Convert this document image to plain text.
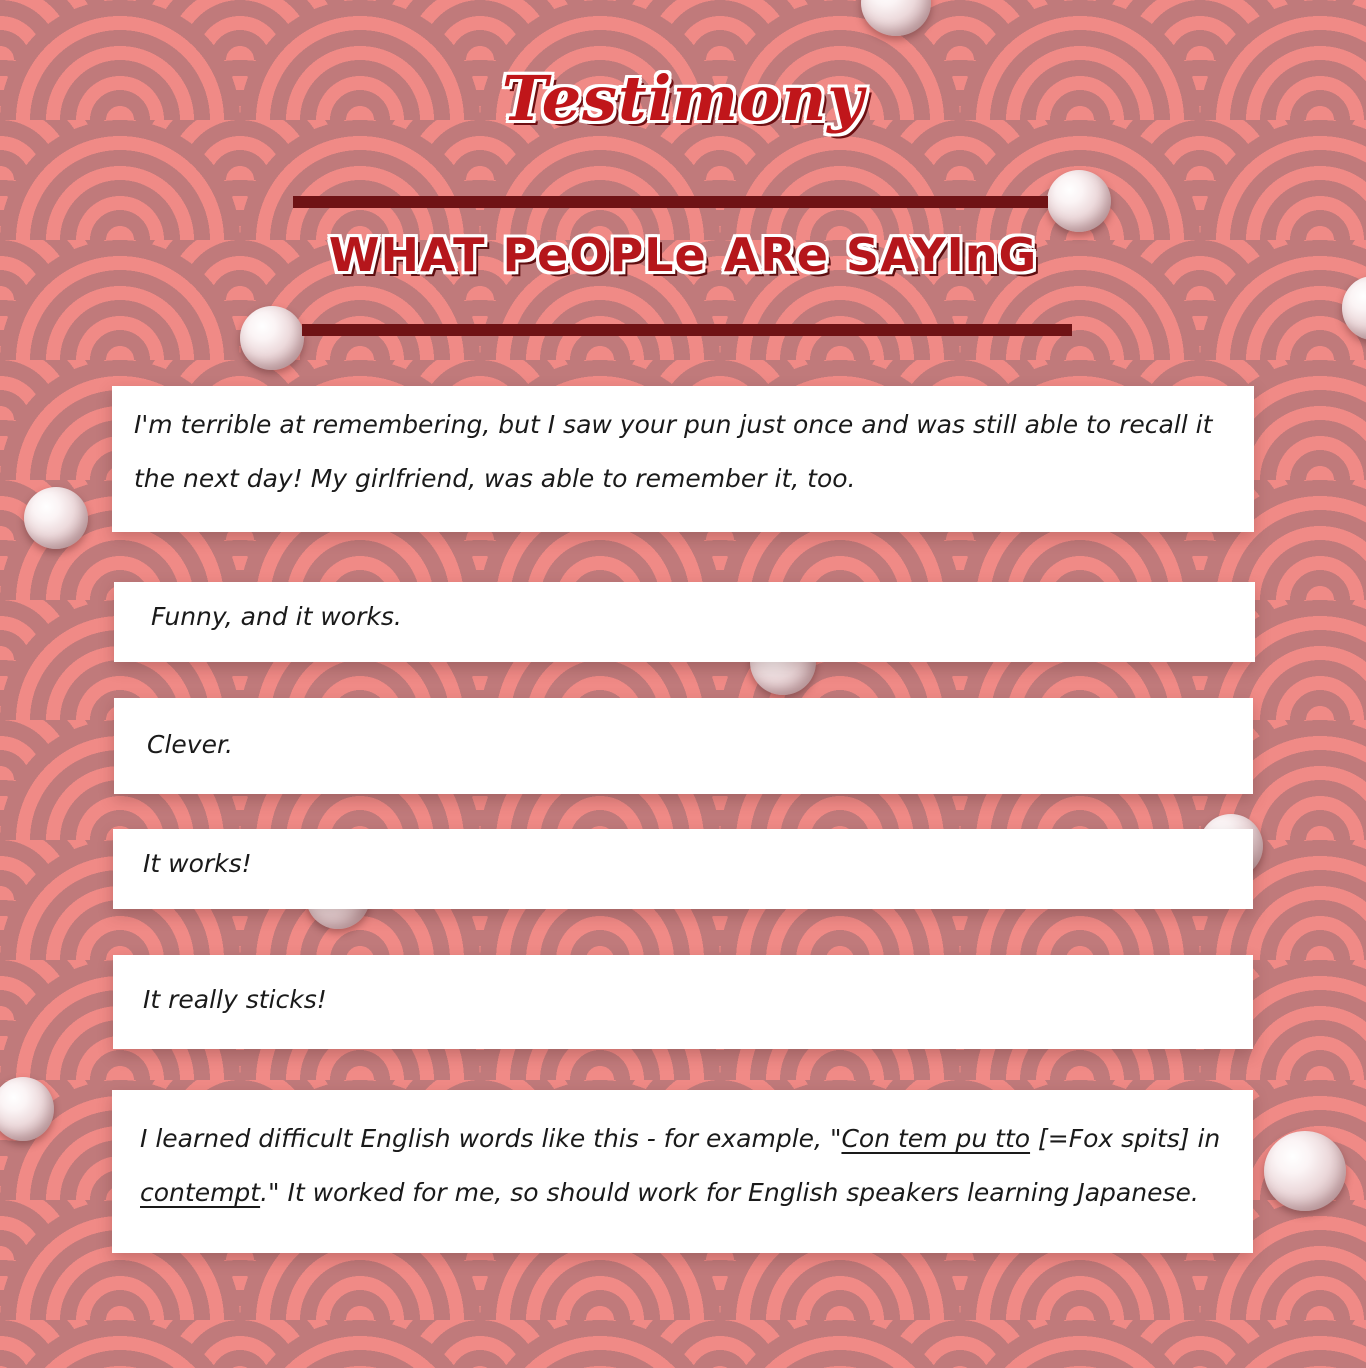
Testimony
WHAT PeOPLe ARe SAYInG
I'm terrible at remembering, but I saw your pun just once and was still able to recall it
the next day! My girlfriend, was able to remember it, too.
Funny, and it works.
Clever.
It works!
It really sticks!
I learned difficult English words like this - for example, "Con tem pu tto [=Fox spits] in
contempt." It worked for me, so should work for English speakers learning Japanese.
